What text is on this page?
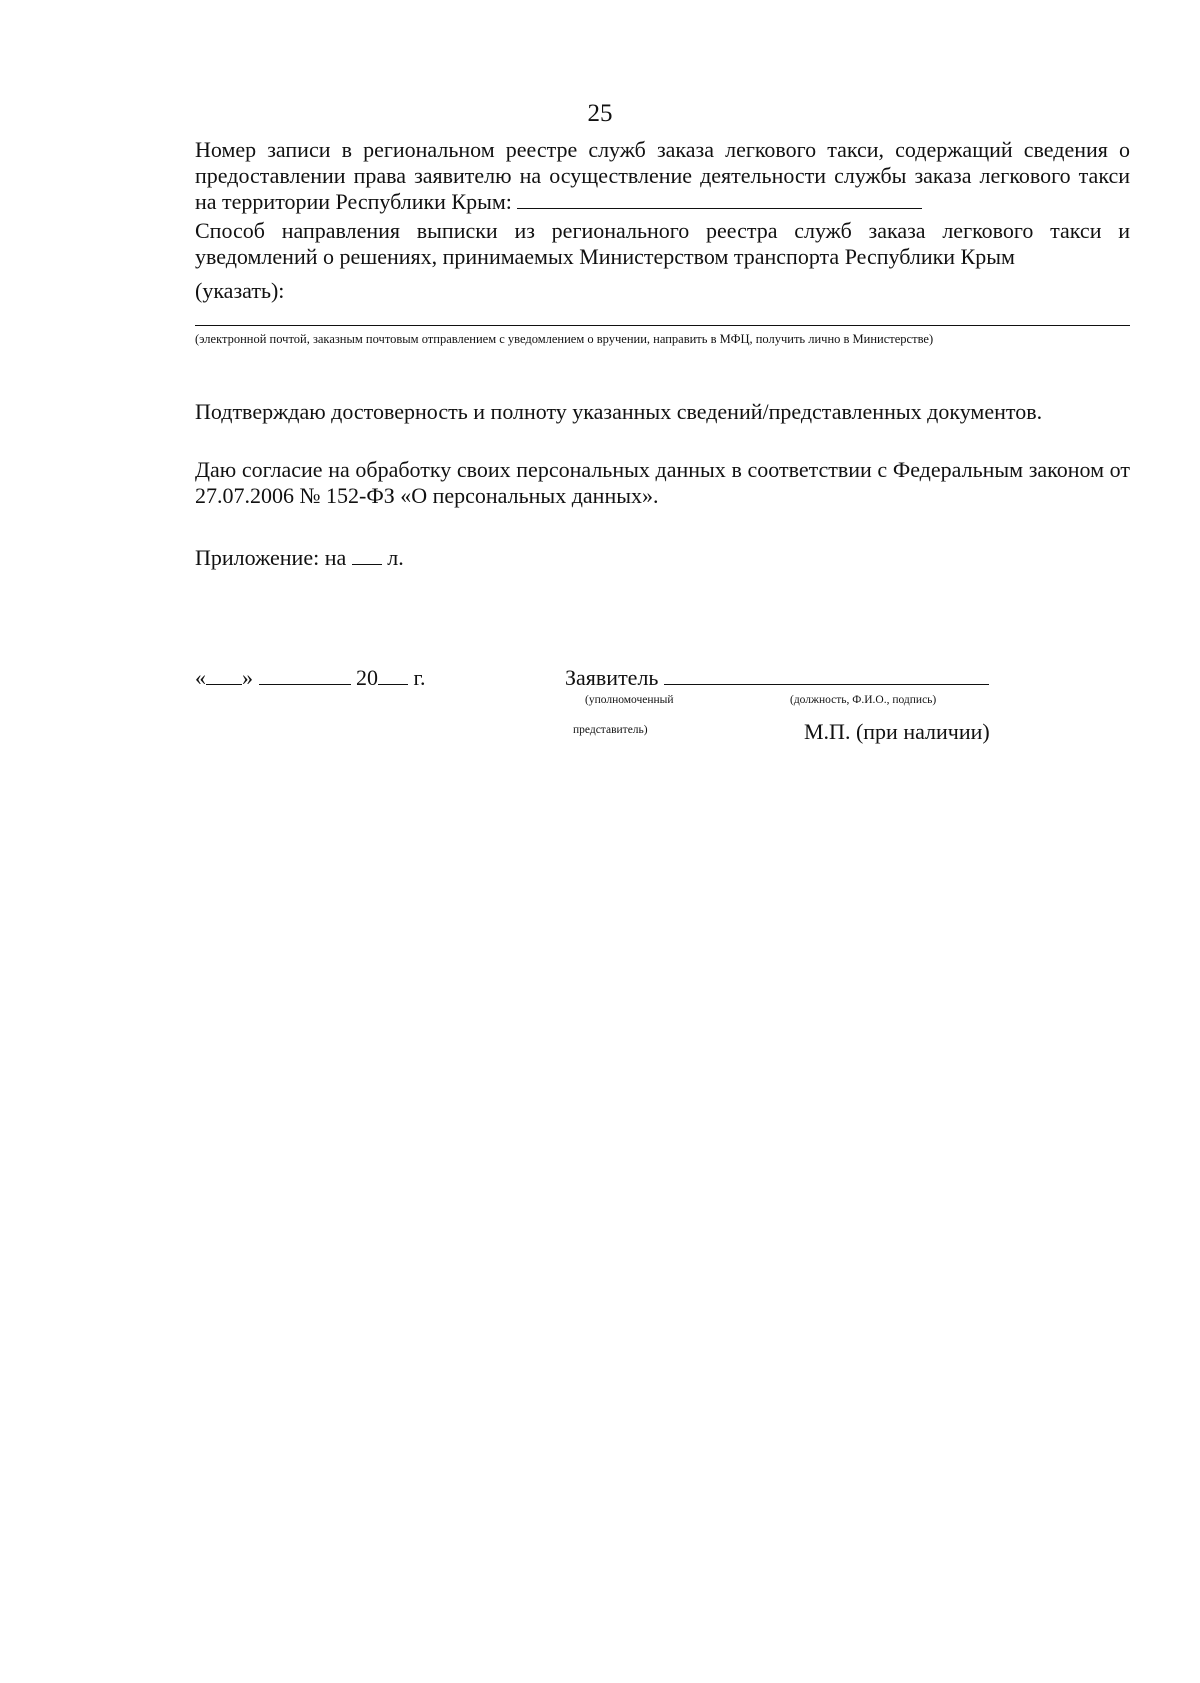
25
Номер записи в региональном реестре служб заказа легкового такси, содержащий сведения о предоставлении права заявителю на осуществление деятельности службы заказа легкового такси на территории Республики Крым:
Способ направления выписки из регионального реестра служб заказа легкового такси и уведомлений о решениях, принимаемых Министерством транспорта Республики Крым
(указать):
(электронной почтой, заказным почтовым отправлением с уведомлением о вручении, направить в МФЦ, получить лично в Министерстве)
Подтверждаю достоверность и полноту указанных сведений/представленных документов.
Даю согласие на обработку своих персональных данных в соответствии с Федеральным законом от 27.07.2006 № 152-ФЗ «О персональных данных».
Приложение: на л.
« »	20 г.	Заявитель
(уполномоченный	(должность, Ф.И.О., подпись)
представитель)	М.П. (при наличии)
